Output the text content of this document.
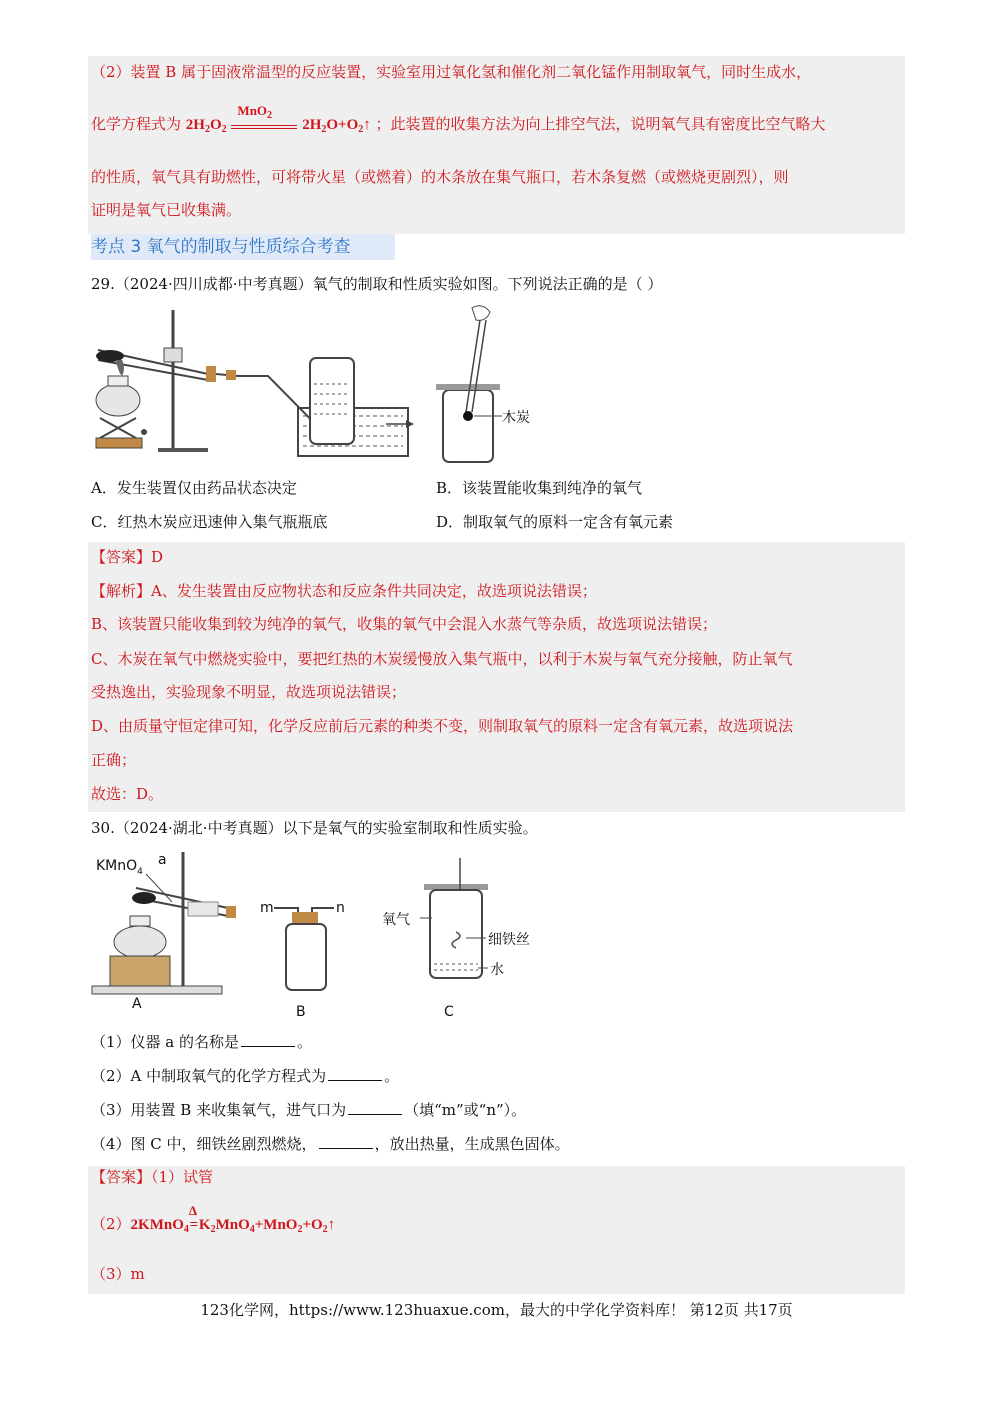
（2）装置 B 属于固液常温型的反应装置，实验室用过氧化氢和催化剂二氧化锰作用制取氧气，同时生成水，
化学方程式为 $2H_2O_2$
MnO$_2$
$2H_2O+O_2↑$ ；此装置的收集方法为向上排空气法，说明氧气具有密度比空气略大
的性质，氧气具有助燃性，可将带火星（或燃着）的木条放在集气瓶口，若木条复燃（或燃烧更剧烈），则
证明是氧气已收集满。
考点 3 氧气的制取与性质综合考查
29.（2024·四川成都·中考真题）氧气的制取和性质实验如图。下列说法正确的是（ ）
木炭
A．发生装置仅由药品状态决定	B．该装置能收集到纯净的氧气
C．红热木炭应迅速伸入集气瓶瓶底	D．制取氧气的原料一定含有氧元素
【答案】D
【解析】A、发生装置由反应物状态和反应条件共同决定，故选项说法错误；
B、该装置只能收集到较为纯净的氧气，收集的氧气中会混入水蒸气等杂质，故选项说法错误；
C、木炭在氧气中燃烧实验中，要把红热的木炭缓慢放入集气瓶中，以利于木炭与氧气充分接触，防止氧气
受热逸出，实验现象不明显，故选项说法错误；
D、由质量守恒定律可知，化学反应前后元素的种类不变，则制取氧气的原料一定含有氧元素，故选项说法
正确；
故选：D。
30.（2024·湖北·中考真题）以下是氧气的实验室制取和性质实验。
KMnO$_4$
a
A
m	n
B
氧气
细铁丝
水
C
（1）仪器 a 的名称是	。
（2）A 中制取氧气的化学方程式为	。
（3）用装置 B 来收集氧气，进气口为	（填“m”或“n”）。
（4）图 C 中，细铁丝剧烈燃烧，	，放出热量，生成黑色固体。
【答案】（1）试管
（2）2KMnO$_4$
Δ
$=K_2MnO_4+MnO_2+O_2↑$
（3）m
123化学网，https://www.123huaxue.com，最大的中学化学资料库！ 第12页 共17页
